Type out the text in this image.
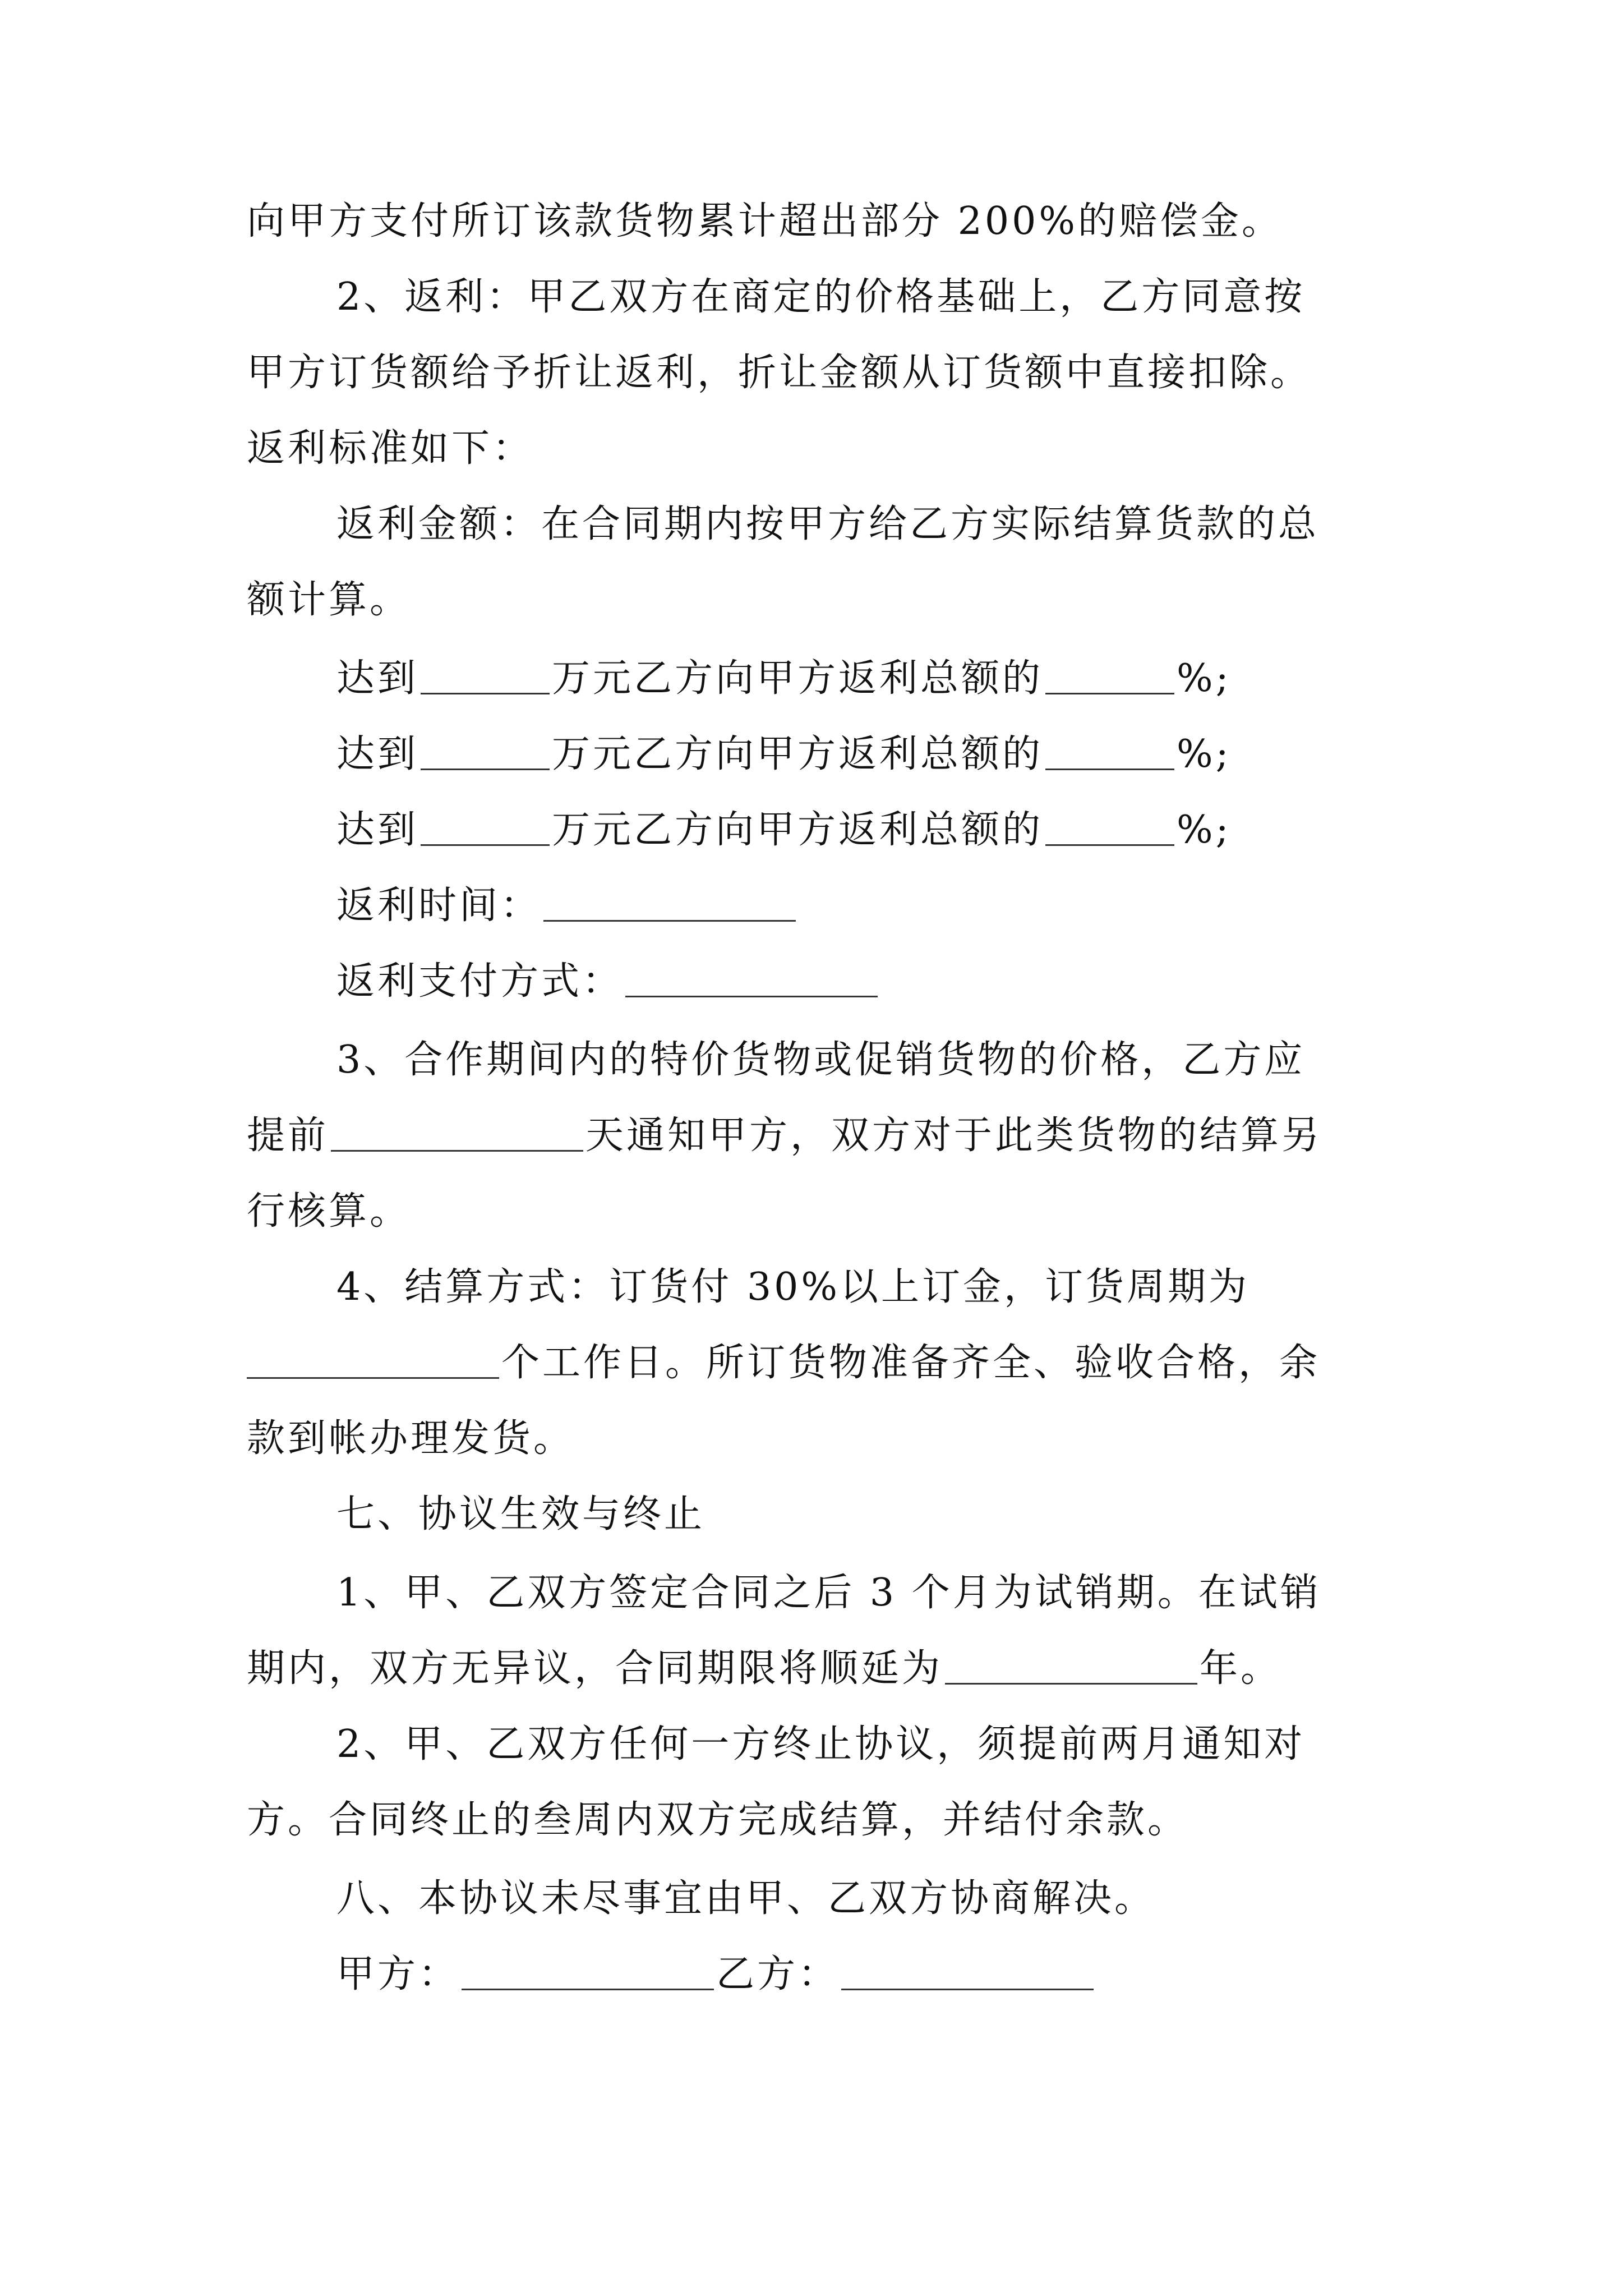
向甲方支付所订该款货物累计超出部分 200%的赔偿金。
2、返利：甲乙双方在商定的价格基础上，乙方同意按
甲方订货额给予折让返利，折让金额从订货额中直接扣除。
返利标准如下：
返利金额：在合同期内按甲方给乙方实际结算货款的总
额计算。
达到	万元乙方向甲方返利总额的	%;
达到	万元乙方向甲方返利总额的	%;
达到	万元乙方向甲方返利总额的	%;
返利时间：
返利支付方式：
3、合作期间内的特价货物或促销货物的价格，乙方应
提前	天通知甲方，双方对于此类货物的结算另
行核算。
4、结算方式：订货付 30%以上订金，订货周期为
个工作日。所订货物准备齐全、验收合格，余
款到帐办理发货。
七、协议生效与终止
1、甲、乙双方签定合同之后 3 个月为试销期。在试销
期内，双方无异议，合同期限将顺延为	年。
2、甲、乙双方任何一方终止协议，须提前两月通知对
方。合同终止的叁周内双方完成结算，并结付余款。
八、本协议未尽事宜由甲、乙双方协商解决。
甲方：	乙方：
